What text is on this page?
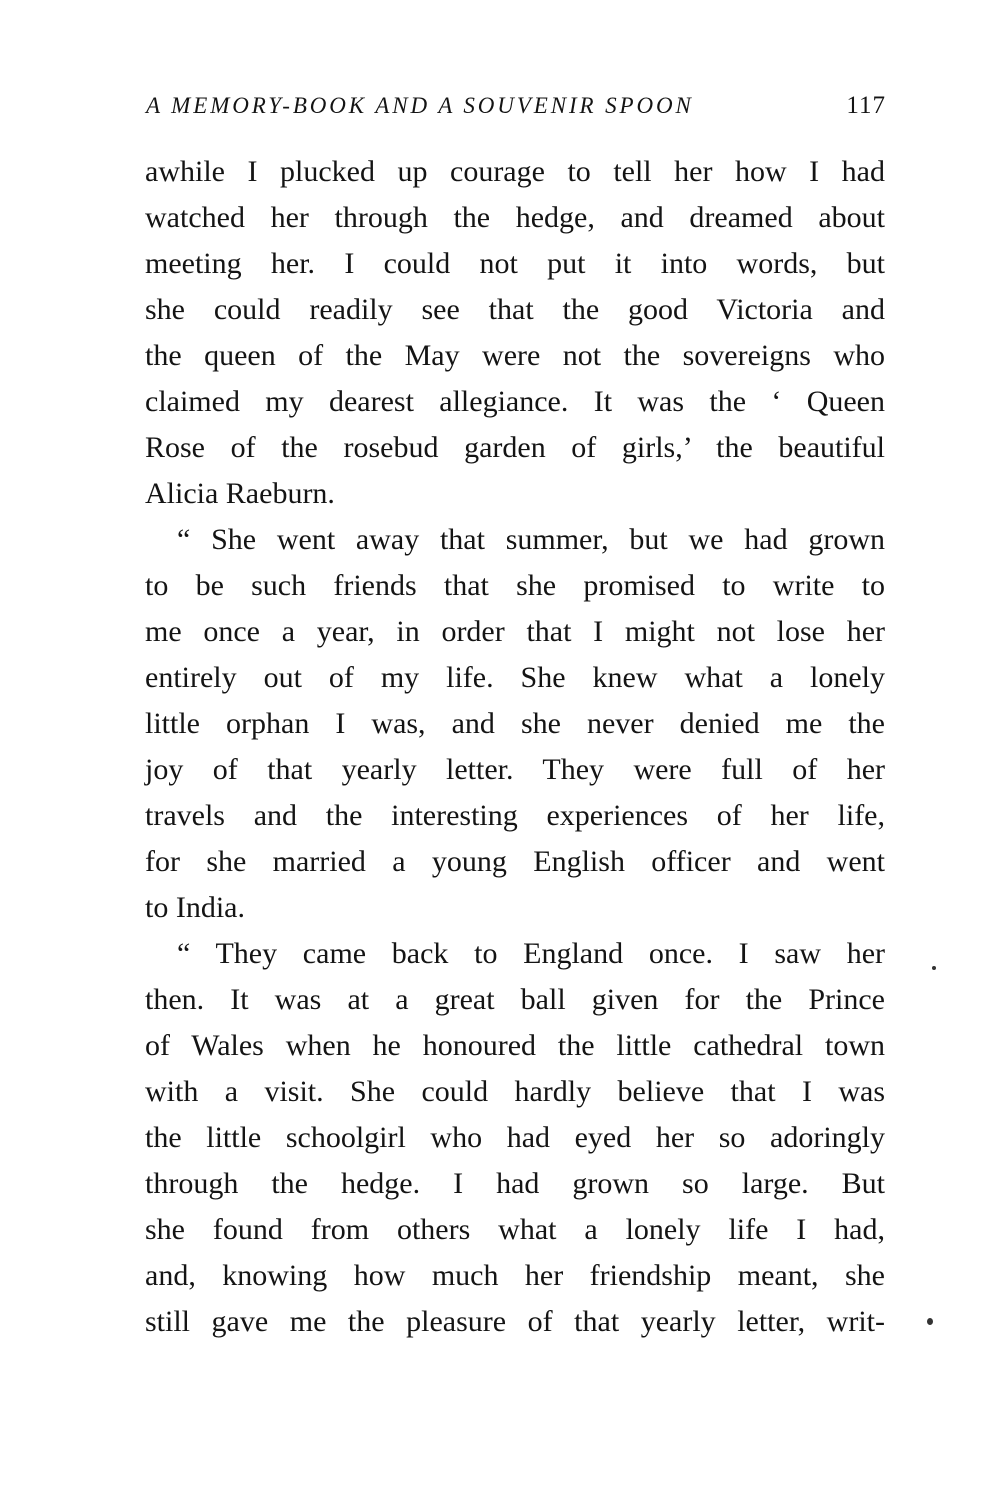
A MEMORY-BOOK AND A SOUVENIR SPOON	117
awhile I plucked up courage to tell her how I had
watched her through the hedge, and dreamed about
meeting her. I could not put it into words, but
she could readily see that the good Victoria and
the queen of the May were not the sovereigns who
claimed my dearest allegiance. It was the ‘ Queen
Rose of the rosebud garden of girls,’ the beautiful
Alicia Raeburn.
“ She went away that summer, but we had grown
to be such friends that she promised to write to
me once a year, in order that I might not lose her
entirely out of my life. She knew what a lonely
little orphan I was, and she never denied me the
joy of that yearly letter. They were full of her
travels and the interesting experiences of her life,
for she married a young English officer and went
to India.
“ They came back to England once. I saw her
then. It was at a great ball given for the Prince
of Wales when he honoured the little cathedral town
with a visit. She could hardly believe that I was
the little schoolgirl who had eyed her so adoringly
through the hedge. I had grown so large. But
she found from others what a lonely life I had,
and, knowing how much her friendship meant, she
still gave me the pleasure of that yearly letter, writ-
